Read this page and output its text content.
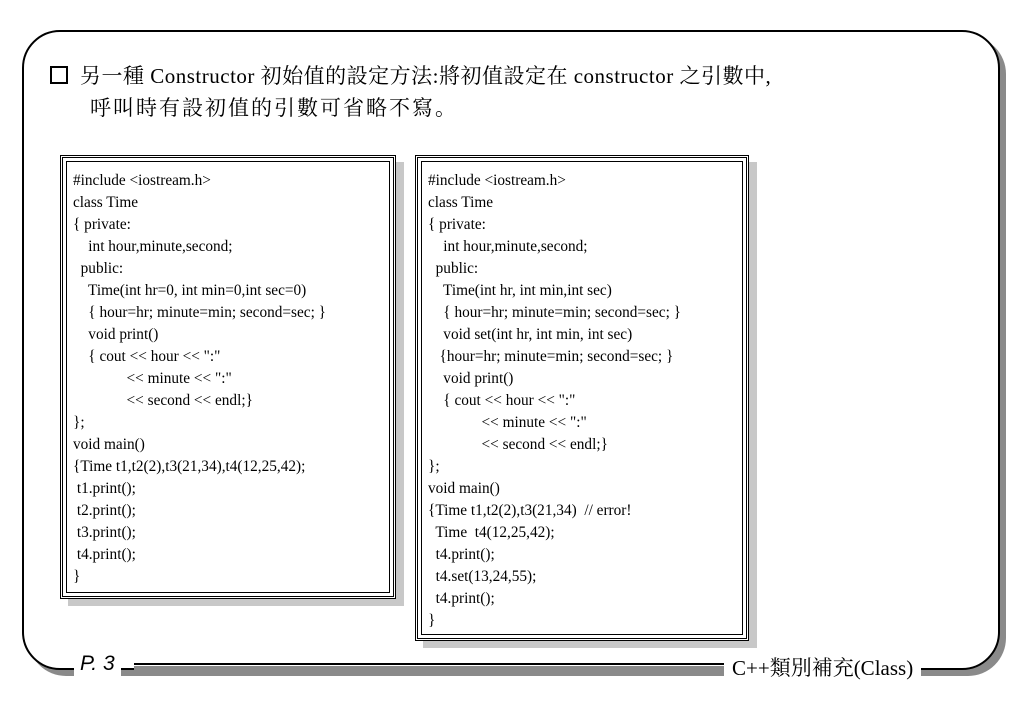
另一種 Constructor 初始值的設定方法:將初值設定在 constructor 之引數中,
呼叫時有設初值的引數可省略不寫。
#include <iostream.h>
class Time
{ private:
int hour,minute,second;
public:
Time(int hr=0, int min=0,int sec=0)
{ hour=hr; minute=min; second=sec; }
void print()
{ cout << hour << ":"
<< minute << ":"
<< second << endl;}
};
void main()
{Time t1,t2(2),t3(21,34),t4(12,25,42);
t1.print();
t2.print();
t3.print();
t4.print();
}
#include <iostream.h>
class Time
{ private:
int hour,minute,second;
public:
Time(int hr, int min,int sec)
{ hour=hr; minute=min; second=sec; }
void set(int hr, int min, int sec)
{hour=hr; minute=min; second=sec; }
void print()
{ cout << hour << ":"
<< minute << ":"
<< second << endl;}
};
void main()
{Time t1,t2(2),t3(21,34)  // error!
Time  t4(12,25,42);
t4.print();
t4.set(13,24,55);
t4.print();
}
P. 3	C++類別補充(Class)
